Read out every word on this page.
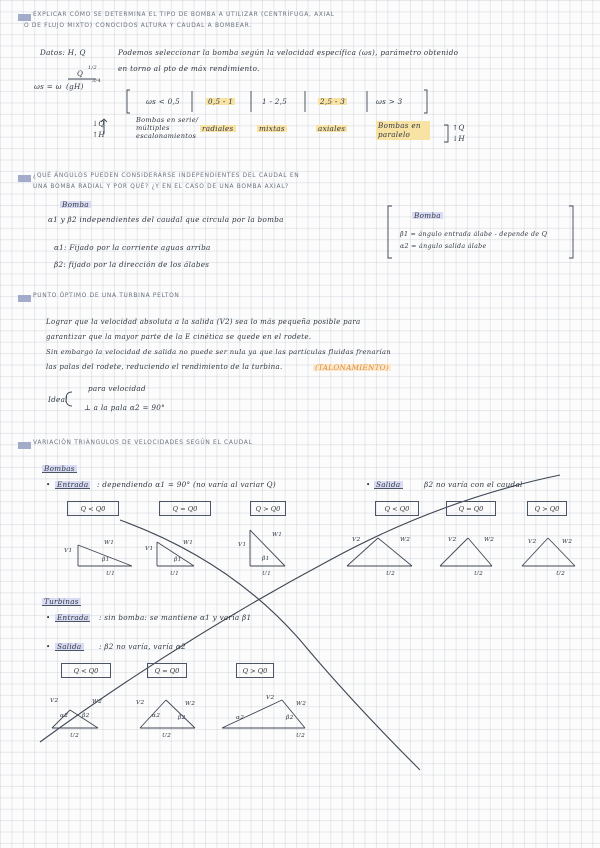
EXPLICAR CÓMO SE DETERMINA EL TIPO DE BOMBA A UTILIZAR (CENTRÍFUGA, AXIAL
O DE FLUJO MIXTO) CONOCIDOS ALTURA Y CAUDAL A BOMBEAR.
Datos: H, Q	Podemos seleccionar la bomba según la velocidad específica (ωs), parámetro obtenido
en torno al pto de máx rendimiento.
ωs = ω
Q
1/2
(gH)
3/4
ωs < 0,5	0,5 - 1	1 - 2,5	2,5 - 3	ωs > 3
↓Q
↑H
Bombas en serie/ múltiples escalonamientos
radiales	mixtas	axiales	Bombas en paralelo
↑Q
↓H
¿QUÉ ÁNGULOS PUEDEN CONSIDERARSE INDEPENDIENTES DEL CAUDAL EN
UNA BOMBA RADIAL Y POR QUÉ? ¿Y EN EL CASO DE UNA BOMBA AXIAL?
Bomba
α1 y β2 independientes del caudal que circula por la bomba
α1: Fijado por la corriente aguas arriba
β2: fijado por la dirección de los álabes
Bomba
β1 = ángulo entrada álabe - depende de Q
α2 = ángulo salida álabe
PUNTO ÓPTIMO DE UNA TURBINA PELTON
Lograr que la velocidad absoluta a la salida (V2) sea lo más pequeña posible para
garantizar que la mayor parte de la E cinética se quede en el rodete.
Sin embargo la velocidad de salida no puede ser nula ya que las partículas fluidas frenarían
las palas del rodete, reduciendo el rendimiento de la turbina.	(TALONAMIENTO)
Ideal
para velocidad
⊥ a la pala α2 = 90°
VARIACIÓN TRIÁNGULOS DE VELOCIDADES SEGÚN EL CAUDAL
Bombas
• Entrada : dependiendo α1 = 90° (no varía al variar Q)	• Salida	β2 no varía con el caudal
Q < Q0	Q = Q0	Q > Q0	Q < Q0	Q = Q0	Q > Q0
V1
W1
β1
U1
V1
W1
β1
U1
V1
W1
β1
U1
V2	W2
U2
V2	W2
U2
V2	W2
U2
Turbinas
• Entrada : sin bomba: se mantiene α1 y varía β1
• Salida : β2 no varía, varía α2
Q < Q0	Q = Q0	Q > Q0
V2	W2
α2 β2
U2
V2	W2
α2	β2
U2
V2
W2
α2	β2
U2
